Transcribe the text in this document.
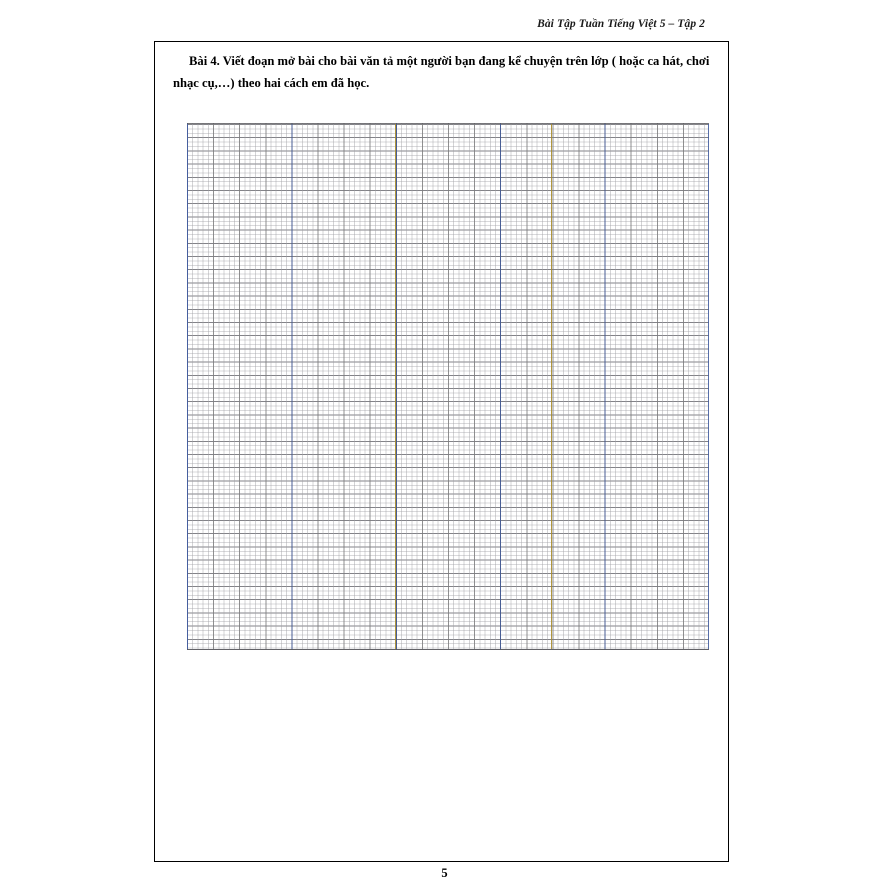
Bài Tập Tuần Tiếng Việt 5 – Tập 2
Bài 4. Viết đoạn mở bài cho bài văn tả một người bạn đang kể chuyện trên lớp ( hoặc ca hát, chơi nhạc cụ,…) theo hai cách em đã học.
5
